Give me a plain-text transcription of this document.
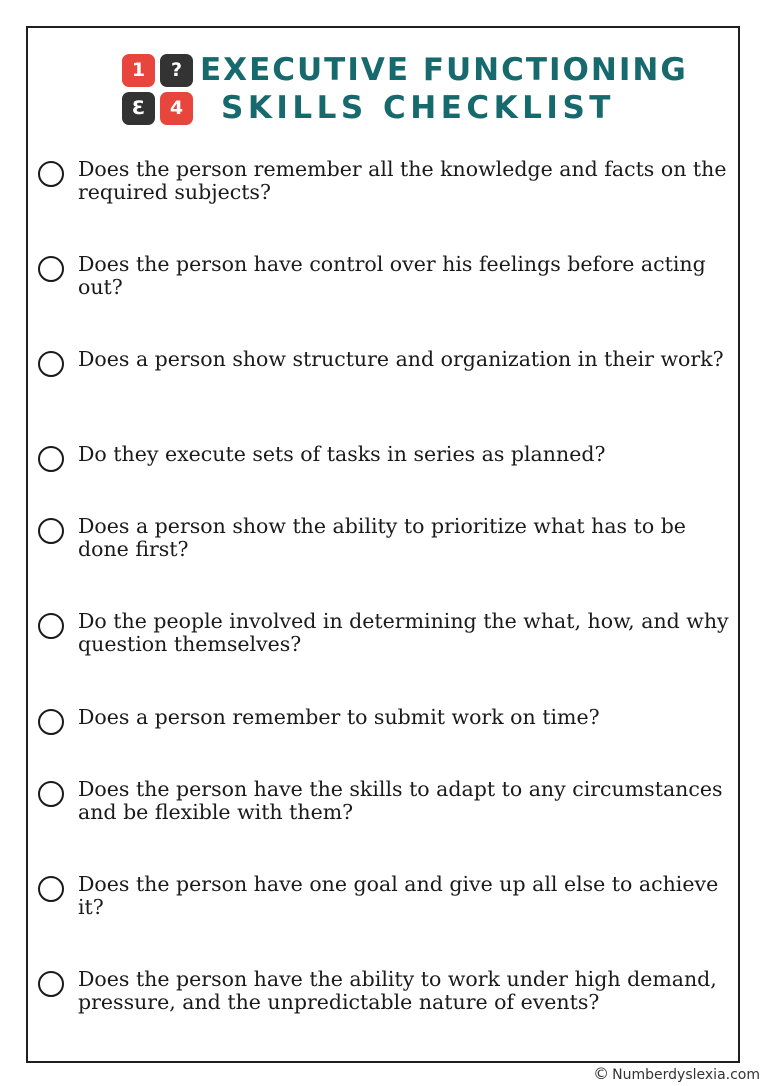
1	?
Ɛ	4
EXECUTIVE FUNCTIONING
SKILLS CHECKLIST
Does the person remember all the knowledge and facts on the required subjects?
Does the person have control over his feelings before acting out?
Does a person show structure and organization in their work?
Do they execute sets of tasks in series as planned?
Does a person show the ability to prioritize what has to be done first?
Do the people involved in determining the what, how, and why question themselves?
Does a person remember to submit work on time?
Does the person have the skills to adapt to any circumstances and be flexible with them?
Does the person have one goal and give up all else to achieve it?
Does the person have the ability to work under high demand, pressure, and the unpredictable nature of events?
© Numberdyslexia.com
